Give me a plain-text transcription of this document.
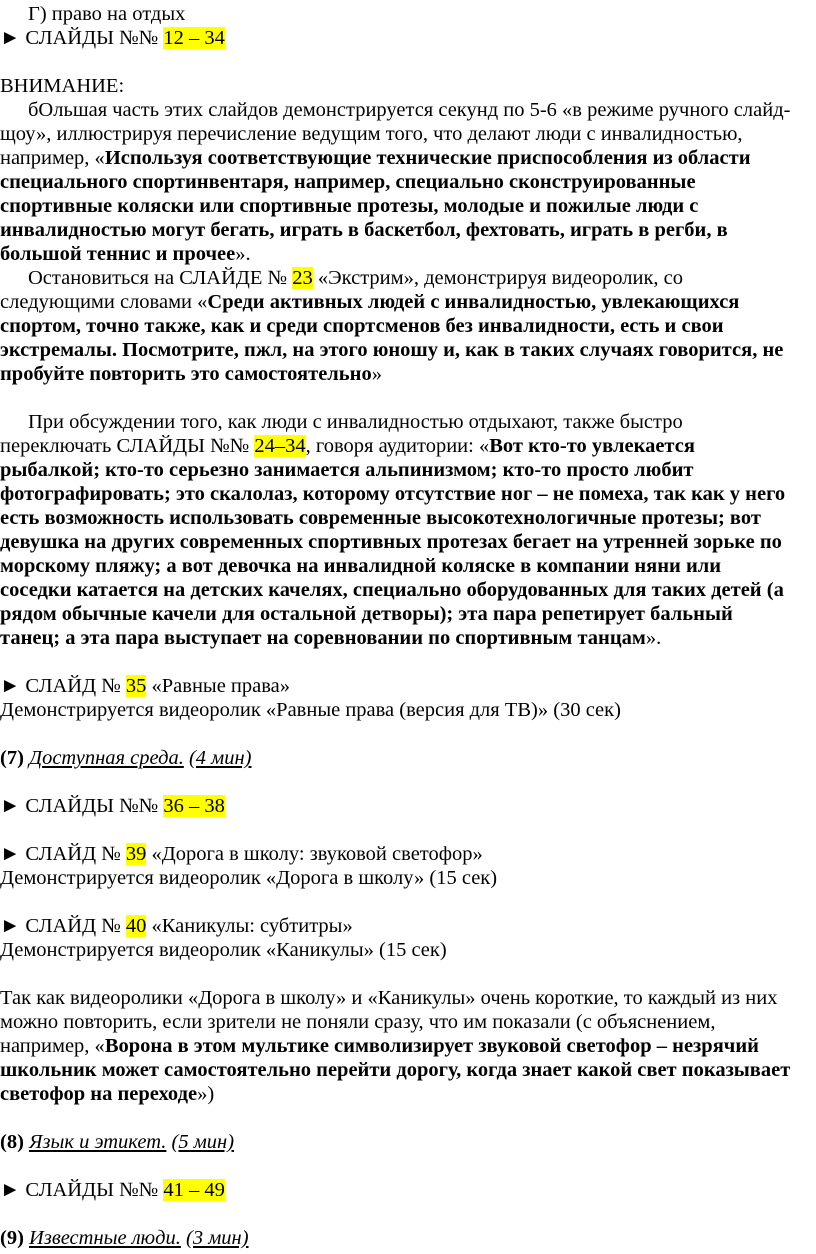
Г) право на отдых
► СЛАЙДЫ №№ 12 – 34
ВНИМАНИЕ:
бОльшая часть этих слайдов демонстрируется секунд по 5-6 «в режиме ручного слайд-
щоу», иллюстрируя перечисление ведущим того, что делают люди с инвалидностью,
например, «Используя соответствующие технические приспособления из области
специального спортинвентаря, например, специально сконструированные
спортивные коляски или спортивные протезы, молодые и пожилые люди с
инвалидностью могут бегать, играть в баскетбол, фехтовать, играть в регби, в
большой теннис и прочее».
Остановиться на СЛАЙДЕ № 23 «Экстрим», демонстрируя видеоролик, со
следующими словами «Среди активных людей с инвалидностью, увлекающихся
спортом, точно также, как и среди спортсменов без инвалидности, есть и свои
экстремалы. Посмотрите, пжл, на этого юношу и, как в таких случаях говорится, не
пробуйте повторить это самостоятельно»
При обсуждении того, как люди с инвалидностью отдыхают, также быстро
переключать СЛАЙДЫ №№ 24–34, говоря аудитории: «Вот кто-то увлекается
рыбалкой; кто-то серьезно занимается альпинизмом; кто-то просто любит
фотографировать; это скалолаз, которому отсутствие ног – не помеха, так как у него
есть возможность использовать современные высокотехнологичные протезы; вот
девушка на других современных спортивных протезах бегает на утренней зорьке по
морскому пляжу; а вот девочка на инвалидной коляске в компании няни или
соседки катается на детских качелях, специально оборудованных для таких детей (а
рядом обычные качели для остальной детворы); эта пара репетирует бальный
танец; а эта пара выступает на соревновании по спортивным танцам».
► СЛАЙД № 35 «Равные права»
Демонстрируется видеоролик «Равные права (версия для ТВ)» (30 сек)
(7) Доступная среда. (4 мин)
► СЛАЙДЫ №№ 36 – 38
► СЛАЙД № 39 «Дорога в школу: звуковой светофор»
Демонстрируется видеоролик «Дорога в школу» (15 сек)
► СЛАЙД № 40 «Каникулы: субтитры»
Демонстрируется видеоролик «Каникулы» (15 сек)
Так как видеоролики «Дорога в школу» и «Каникулы» очень короткие, то каждый из них
можно повторить, если зрители не поняли сразу, что им показали (с объяснением,
например, «Ворона в этом мультике символизирует звуковой светофор – незрячий
школьник может самостоятельно перейти дорогу, когда знает какой свет показывает
светофор на переходе»)
(8) Язык и этикет. (5 мин)
► СЛАЙДЫ №№ 41 – 49
(9) Известные люди. (3 мин)
